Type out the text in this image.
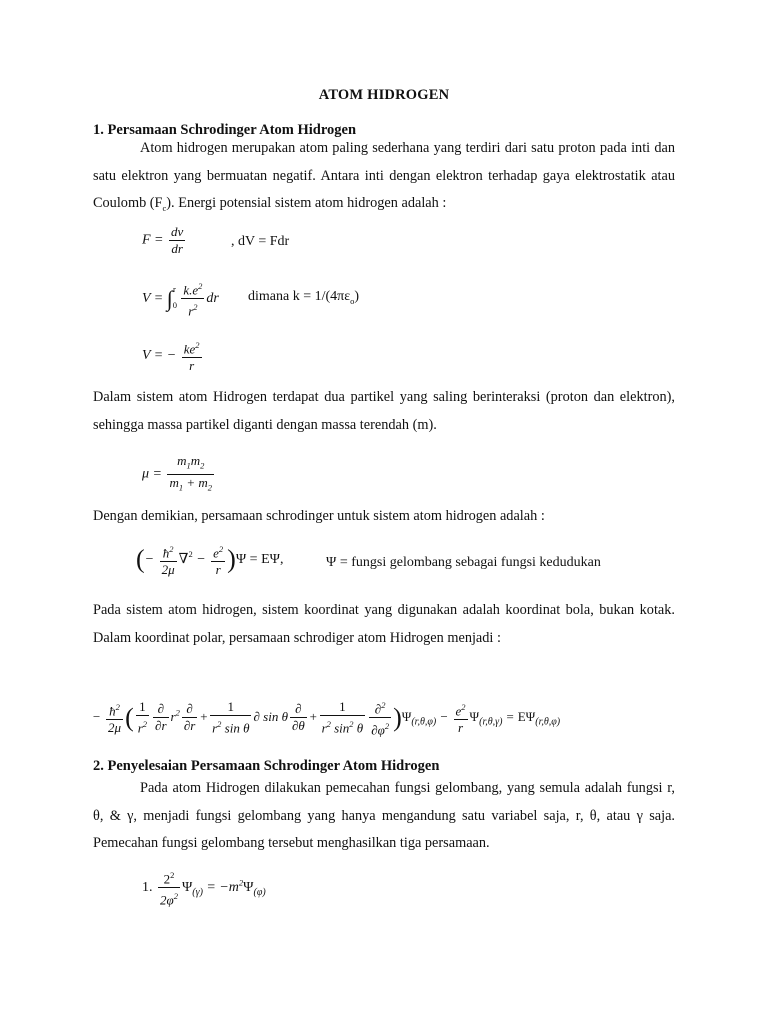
ATOM HIDROGEN
1. Persamaan Schrodinger Atom Hidrogen
Atom hidrogen merupakan atom paling sederhana yang terdiri dari satu proton pada inti dan satu elektron yang bermuatan negatif. Antara inti dengan elektron terhadap gaya elektrostatik atau Coulomb $(F_c)$. Energi potensial sistem atom hidrogen adalah :
$F = \frac{dv}{dr}$	, dV = Fdr
$V = \int_0^r \frac{k.e^2}{r^2}$ dr dimana $k = 1/(4\pi\varepsilon_o)$
V = − $\frac{ke^2}{r}$
Dalam sistem atom Hidrogen terdapat dua partikel yang saling berinteraksi (proton dan elektron), sehingga massa partikel diganti dengan massa terendah (m).
$\mu = \frac{m_1m_2}{m_1 + m_2}$
Dengan demikian, persamaan schrodinger untuk sistem atom hidrogen adalah :
(− $\frac{ħ^2}{2\mu} \nabla^2 - \frac{e^2}{r} )\Psi = E\Psi$,	Ψ = fungsi gelombang sebagai fungsi kedudukan
Pada sistem atom hidrogen, sistem koordinat yang digunakan adalah koordinat bola, bukan kotak. Dalam koordinat polar, persamaan schrodiger atom Hidrogen menjadi :
− $\frac{ħ^2}{2\mu}$ ( $\frac{1}{r^2} \frac{\partial}{\partial r} r^2 \frac{\partial}{\partial r} + \frac{1}{r^2 \sin \theta}$ ∂ sin θ $\frac{\partial}{\partial\theta} + \frac{1}{r^2 \sin^2 \theta} \frac{\partial^2}{\partial\varphi^2} )\Psi_{(r,\theta,\varphi)} - \frac{e^2}{r} \Psi_{(r,\theta,\gamma)} = E\Psi_{(r,\theta,\varphi)}$
2. Penyelesaian Persamaan Schrodinger Atom Hidrogen
Pada atom Hidrogen dilakukan pemecahan fungsi gelombang, yang semula adalah fungsi r, θ, & γ, menjadi fungsi gelombang yang hanya mengandung satu variabel saja, r, θ, atau γ saja. Pemecahan fungsi gelombang tersebut menghasilkan tiga persamaan.
1. $\frac{2^2}{2\varphi^2} \Psi_{(\gamma)} = -m^2\Psi_{(\varphi)}$
